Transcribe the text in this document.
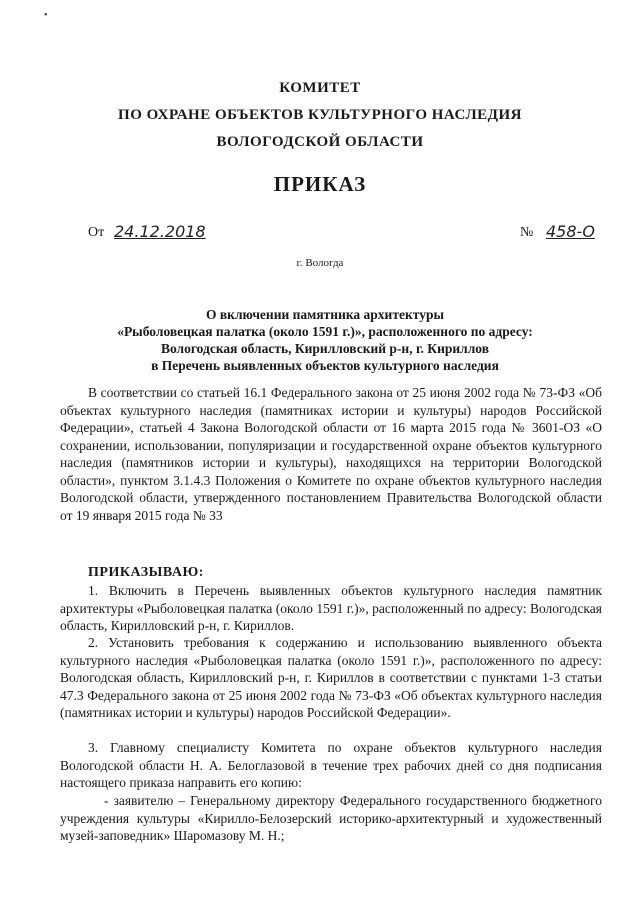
•
КОМИТЕТ
ПО ОХРАНЕ ОБЪЕКТОВ КУЛЬТУРНОГО НАСЛЕДИЯ
ВОЛОГОДСКОЙ ОБЛАСТИ
ПРИКАЗ
От 24.12.2018	№ 458-О
г. Вологда
О включении памятника архитектуры
«Рыболовецкая палатка (около 1591 г.)», расположенного по адресу:
Вологодская область, Кирилловский р-н, г. Кириллов
в Перечень выявленных объектов культурного наследия
В соответствии со статьей 16.1 Федерального закона от 25 июня 2002 года № 73-ФЗ «Об объектах культурного наследия (памятниках истории и культуры) народов Российской Федерации», статьей 4 Закона Вологодской области от 16 марта 2015 года № 3601-ОЗ «О сохранении, использовании, популяризации и государственной охране объектов культурного наследия (памятников истории и культуры), находящихся на территории Вологодской области», пунктом 3.1.4.3 Положения о Комитете по охране объектов культурного наследия Вологодской области, утвержденного постановлением Правительства Вологодской области от 19 января 2015 года № 33
ПРИКАЗЫВАЮ:
1. Включить в Перечень выявленных объектов культурного наследия памятник архитектуры «Рыболовецкая палатка (около 1591 г.)», расположенный по адресу: Вологодская область, Кирилловский р-н, г. Кириллов.
2. Установить требования к содержанию и использованию выявленного объекта культурного наследия «Рыболовецкая палатка (около 1591 г.)», расположенного по адресу: Вологодская область, Кирилловский р-н, г. Кириллов в соответствии с пунктами 1-3 статьи 47.3 Федерального закона от 25 июня 2002 года № 73-ФЗ «Об объектах культурного наследия (памятниках истории и культуры) народов Российской Федерации».
3. Главному специалисту Комитета по охране объектов культурного наследия Вологодской области Н. А. Белоглазовой в течение трех рабочих дней со дня подписания настоящего приказа направить его копию:
- заявителю – Генеральному директору Федерального государственного бюджетного учреждения культуры «Кирилло-Белозерский историко-архитектурный и художественный музей-заповедник» Шаромазову М. Н.;
